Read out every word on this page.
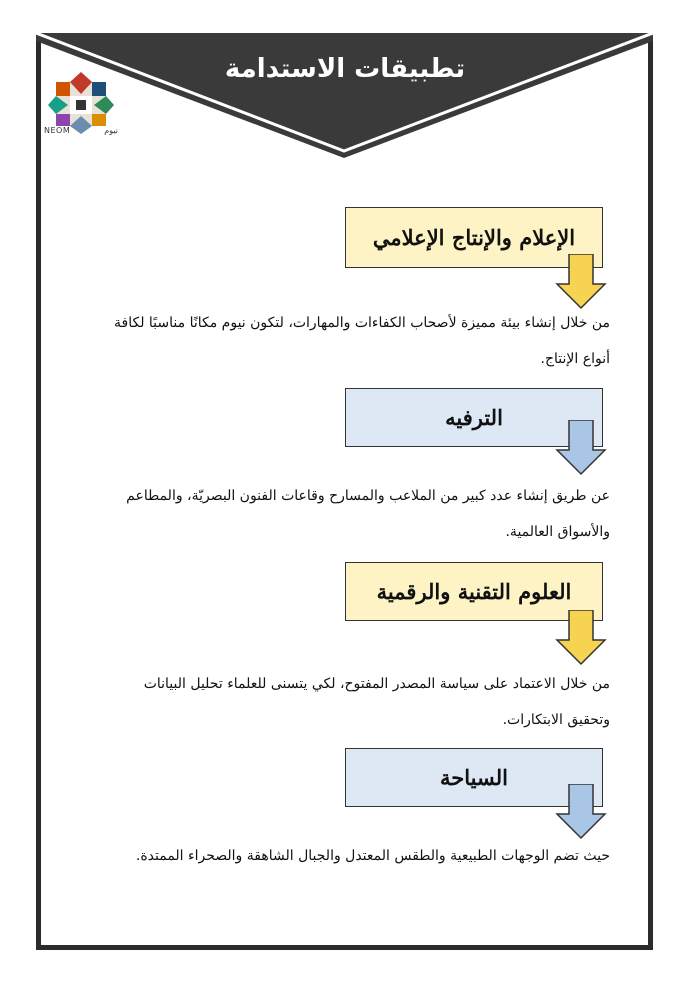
تطبيقات الاستدامة
NEOM	نيوم
الإعلام والإنتاج الإعلامي
من خلال إنشاء بيئة مميزة لأصحاب الكفاءات والمهارات، لتكون نيوم مكانًا مناسبًا لكافة أنواع الإنتاج.
الترفيه
عن طريق إنشاء عدد كبير من الملاعب والمسارح وقاعات الفنون البصريّة، والمطاعم والأسواق العالمية.
العلوم التقنية والرقمية
من خلال الاعتماد على سياسة المصدر المفتوح، لكي يتسنى للعلماء تحليل البيانات وتحقيق الابتكارات.
السياحة
حيث تضم الوجهات الطبيعية والطقس المعتدل والجبال الشاهقة والصحراء الممتدة.
